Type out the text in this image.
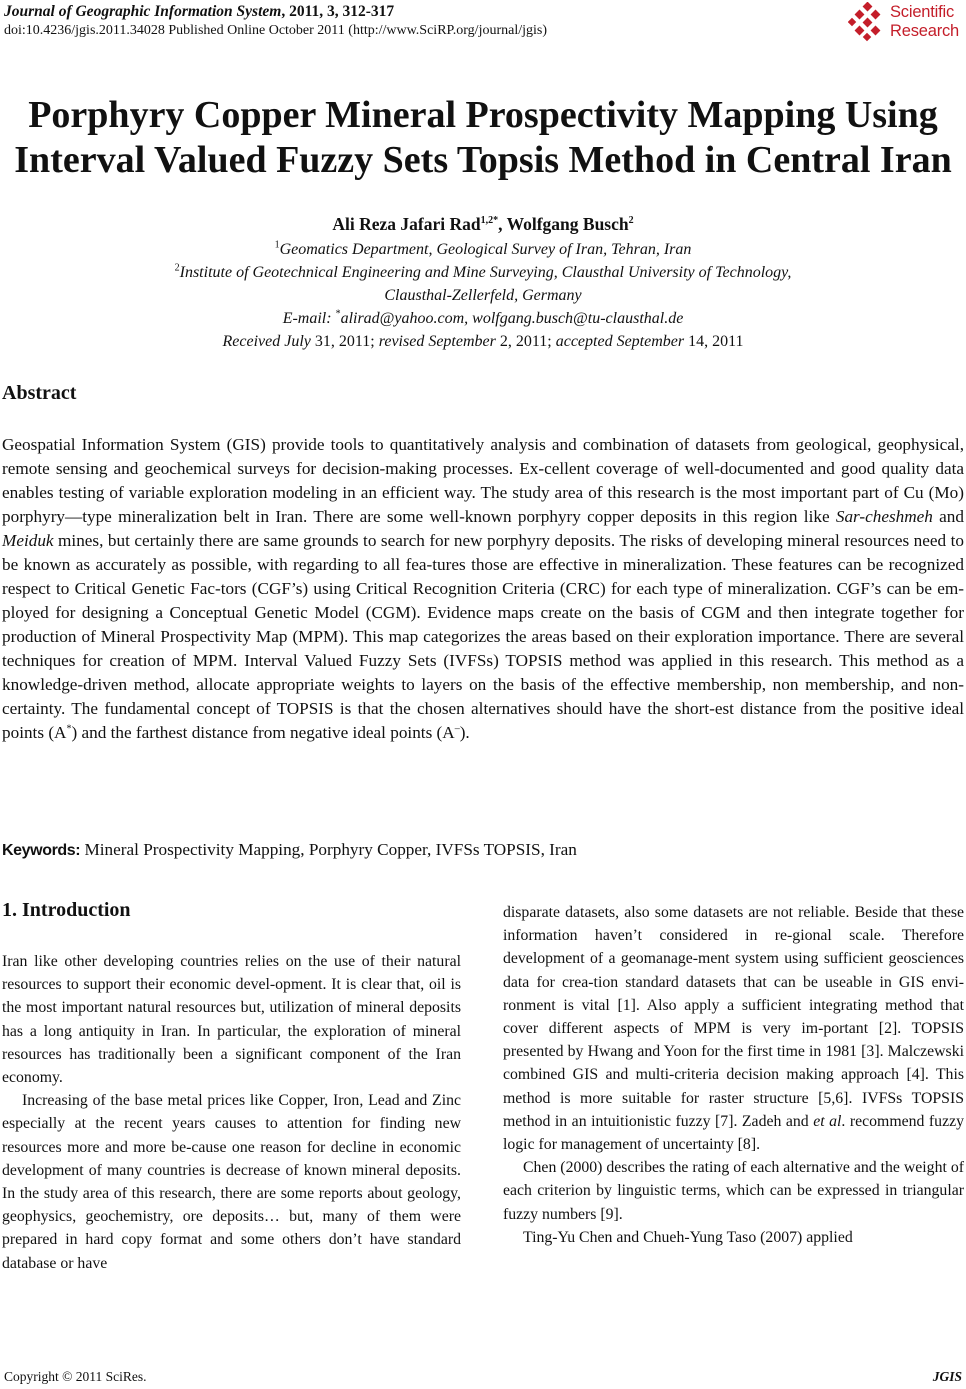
Journal of Geographic Information System, 2011, 3, 312-317
doi:10.4236/jgis.2011.34028 Published Online October 2011 (http://www.SciRP.org/journal/jgis)
Scientific
Research
Porphyry Copper Mineral Prospectivity Mapping Using
Interval Valued Fuzzy Sets Topsis Method in Central Iran
Ali Reza Jafari Rad$^{1,2*}$, Wolfgang Busch$^2$
$^1$Geomatics Department, Geological Survey of Iran, Tehran, Iran
$^2$Institute of Geotechnical Engineering and Mine Surveying, Clausthal University of Technology,
Clausthal-Zellerfeld, Germany
E-mail: *alirad@yahoo.com, wolfgang.busch@tu-clausthal.de
Received July 31, 2011; revised September 2, 2011; accepted September 14, 2011
Abstract
Geospatial Information System (GIS) provide tools to quantitatively analysis and combination of datasets from geological, geophysical, remote sensing and geochemical surveys for decision-making processes. Ex-cellent coverage of well-documented and good quality data enables testing of variable exploration modeling in an efficient way. The study area of this research is the most important part of Cu (Mo) porphyry—type mineralization belt in Iran. There are some well-known porphyry copper deposits in this region like Sar-cheshmeh and Meiduk mines, but certainly there are same grounds to search for new porphyry deposits. The risks of developing mineral resources need to be known as accurately as possible, with regarding to all fea-tures those are effective in mineralization. These features can be recognized respect to Critical Genetic Fac-tors (CGF’s) using Critical Recognition Criteria (CRC) for each type of mineralization. CGF’s can be em-ployed for designing a Conceptual Genetic Model (CGM). Evidence maps create on the basis of CGM and then integrate together for production of Mineral Prospectivity Map (MPM). This map categorizes the areas based on their exploration importance. There are several techniques for creation of MPM. Interval Valued Fuzzy Sets (IVFSs) TOPSIS method was applied in this research. This method as a knowledge-driven method, allocate appropriate weights to layers on the basis of the effective membership, non membership, and non-certainty. The fundamental concept of TOPSIS is that the chosen alternatives should have the short-est distance from the positive ideal points (A*) and the farthest distance from negative ideal points (A–).
Keywords: Mineral Prospectivity Mapping, Porphyry Copper, IVFSs TOPSIS, Iran
1. Introduction

Iran like other developing countries relies on the use of their natural resources to support their economic devel-opment. It is clear that, oil is the most important natural resources but, utilization of mineral deposits has a long antiquity in Iran. In particular, the exploration of mineral resources has traditionally been a significant component of the Iran economy.

Increasing of the base metal prices like Copper, Iron, Lead and Zinc especially at the recent years causes to attention for finding new resources more and more be-cause one reason for decline in economic development of many countries is decrease of known mineral deposits. In the study area of this research, there are some reports about geology, geophysics, geochemistry, ore deposits… but, many of them were prepared in hard copy format and some others don’t have standard database or have

disparate datasets, also some datasets are not reliable. Beside that these information haven’t considered in re-gional scale. Therefore development of a geomanage-ment system using sufficient geosciences data for crea-tion standard datasets that can be useable in GIS envi-ronment is vital [1]. Also apply a sufficient integrating method that cover different aspects of MPM is very im-portant [2]. TOPSIS presented by Hwang and Yoon for the first time in 1981 [3]. Malczewski combined GIS and multi-criteria decision making approach [4]. This method is more suitable for raster structure [5,6]. IVFSs TOPSIS method in an intuitionistic fuzzy [7]. Zadeh and et al. recommend fuzzy logic for management of uncertainty [8].

Chen (2000) describes the rating of each alternative and the weight of each criterion by linguistic terms, which can be expressed in triangular fuzzy numbers [9].

Ting-Yu Chen and Chueh-Yung Taso (2007) applied

Copyright © 2011 SciRes.	JGIS
